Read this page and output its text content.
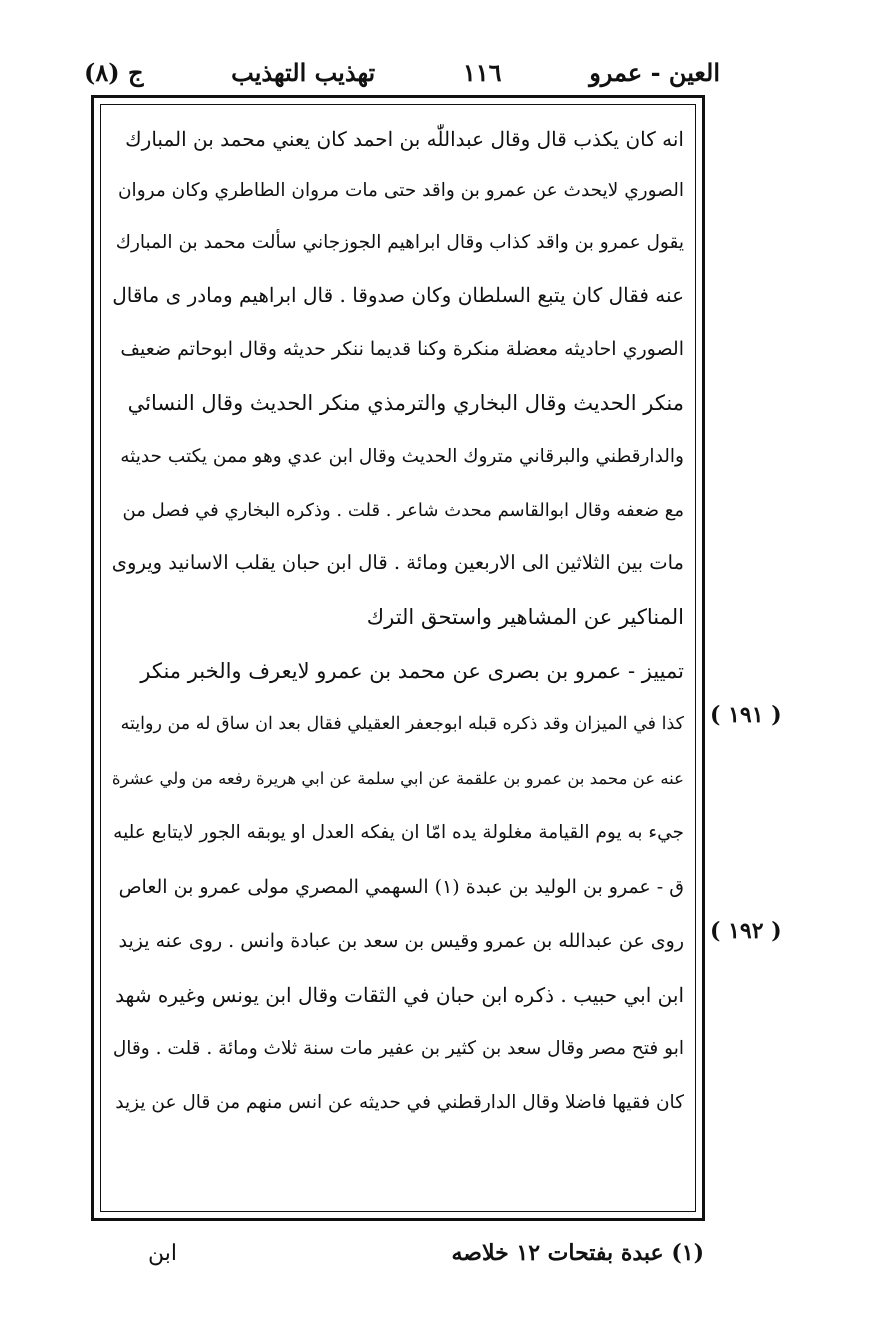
ج (٨)	تهذيب التهذيب	١١٦	العين - عمرو
انه كان يكذب قال وقال عبداللّٰه بن احمد كان يعني محمد بن المبارك
الصوري لايحدث عن عمرو بن واقد حتى مات مروان الطاطري وكان مروان
يقول عمرو بن واقد كذاب وقال ابراهيم الجوزجاني سألت محمد بن المبارك
عنه فقال كان يتبع السلطان وكان صدوقا . قال ابراهيم ومادر ى ماقال
الصوري احاديثه معضلة منكرة وكنا قديما ننكر حديثه وقال ابوحاتم ضعيف
منكر الحديث وقال البخاري والترمذي منكر الحديث وقال النسائي
والدارقطني والبرقاني متروك الحديث وقال ابن عدي وهو ممن يكتب حديثه
مع ضعفه وقال ابوالقاسم محدث شاعر . قلت . وذكره البخاري في فصل من
مات بين الثلاثين الى الاربعين ومائة . قال ابن حبان يقلب الاسانيد ويروى
المناكير عن المشاهير واستحق الترك
تمييز - عمرو بن بصرى عن محمد بن عمرو لايعرف والخبر منكر
كذا في الميزان وقد ذكره قبله ابوجعفر العقيلي فقال بعد ان ساق له من روايته
عنه عن محمد بن عمرو بن علقمة عن ابي سلمة عن ابي هريرة رفعه من ولي عشرة
جيء به يوم القيامة مغلولة يده امّا ان يفكه العدل او يوبقه الجور لايتابع عليه
ق - عمرو بن الوليد بن عبدة (١) السهمي المصري مولى عمرو بن العاص
روى عن عبدالله بن عمرو وقيس بن سعد بن عبادة وانس . روى عنه يزيد
ابن ابي حبيب . ذكره ابن حبان في الثقات وقال ابن يونس وغيره شهد
ابو فتح مصر وقال سعد بن كثير بن عفير مات سنة ثلاث ومائة . قلت . وقال
كان فقيها فاضلا وقال الدارقطني في حديثه عن انس منهم من قال عن يزيد
( ١٩١ )
( ١٩٢ )
(١) عبدة بفتحات ١٢ خلاصه
ابن
